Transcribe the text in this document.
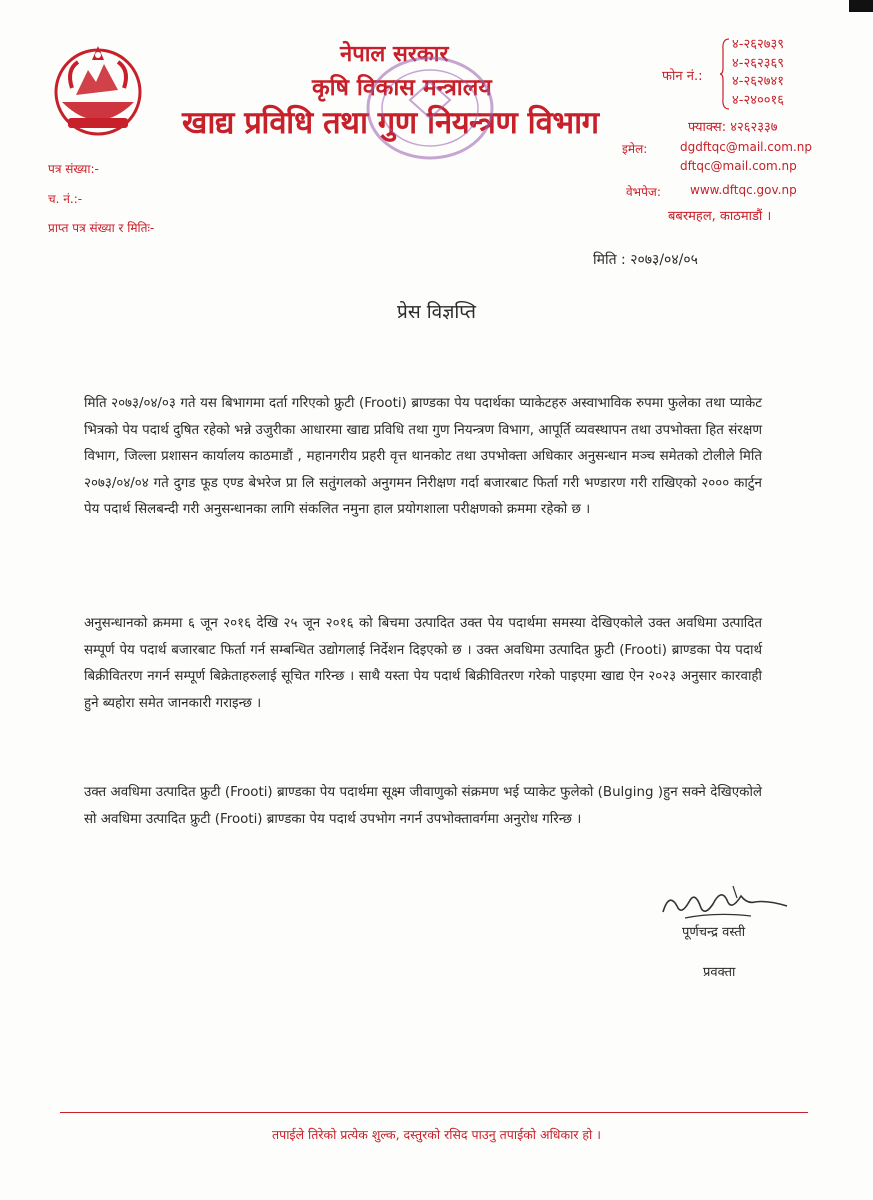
नेपाल सरकार
कृषि विकास मन्त्रालय
खाद्य प्रविधि तथा गुण नियन्त्रण विभाग
फोन नं.:
४-२६२७३९
४-२६२३६९
४-२६२७४१
४-२४००१६
फ्याक्स: ४२६२३३७
इमेल:	dgdftqc@mail.com.np
dftqc@mail.com.np
वेभपेज: www.dftqc.gov.np
बबरमहल, काठमाडौं ।
पत्र संख्या:-
च. नं.:-
प्राप्त पत्र संख्या र मितिः-
मिति : २०७३/०४/०५
प्रेस विज्ञप्ति
मिति २०७३/०४/०३ गते यस बिभागमा दर्ता गरिएको फ्रुटी (Frooti) ब्राण्डका पेय पदार्थका प्याकेटहरु अस्वाभाविक रुपमा फुलेका तथा प्याकेट भित्रको पेय पदार्थ दुषित रहेको भन्ने उजुरीका आधारमा खाद्य प्रविधि तथा गुण नियन्त्रण विभाग, आपूर्ति व्यवस्थापन तथा उपभोक्ता हित संरक्षण विभाग, जिल्ला प्रशासन कार्यालय काठमाडौं , महानगरीय प्रहरी वृत्त थानकोट तथा उपभोक्ता अधिकार अनुसन्धान मञ्च समेतको टोलीले मिति २०७३/०४/०४ गते दुगड फूड एण्ड बेभरेज प्रा लि सतुंगलको अनुगमन निरीक्षण गर्दा बजारबाट फिर्ता गरी भण्डारण गरी राखिएको २००० कार्टुन पेय पदार्थ सिलबन्दी गरी अनुसन्धानका लागि संकलित नमुना हाल प्रयोगशाला परीक्षणको क्रममा रहेको छ ।
अनुसन्धानको क्रममा ६ जून २०१६ देखि २५ जून २०१६ को बिचमा उत्पादित उक्त पेय पदार्थमा समस्या देखिएकोले उक्त अवधिमा उत्पादित सम्पूर्ण पेय पदार्थ बजारबाट फिर्ता गर्न सम्बन्धित उद्योगलाई निर्देशन दिइएको छ । उक्त अवधिमा उत्पादित फ्रुटी (Frooti) ब्राण्डका पेय पदार्थ बिक्रीवितरण नगर्न सम्पूर्ण बिक्रेताहरुलाई सूचित गरिन्छ । साथै यस्ता पेय पदार्थ बिक्रीवितरण गरेको पाइएमा खाद्य ऐन २०२३ अनुसार कारवाही हुने ब्यहोरा समेत जानकारी गराइन्छ ।
उक्त अवधिमा उत्पादित फ्रुटी (Frooti) ब्राण्डका पेय पदार्थमा सूक्ष्म जीवाणुको संक्रमण भई प्याकेट फुलेको (Bulging )हुन सक्ने देखिएकोले सो अवधिमा उत्पादित फ्रुटी (Frooti) ब्राण्डका पेय पदार्थ उपभोग नगर्न उपभोक्तावर्गमा अनुरोध गरिन्छ ।
पूर्णचन्द्र वस्ती
प्रवक्ता
तपाईले तिरेको प्रत्येक शुल्क, दस्तुरको रसिद पाउनु तपाईको अधिकार हो ।
